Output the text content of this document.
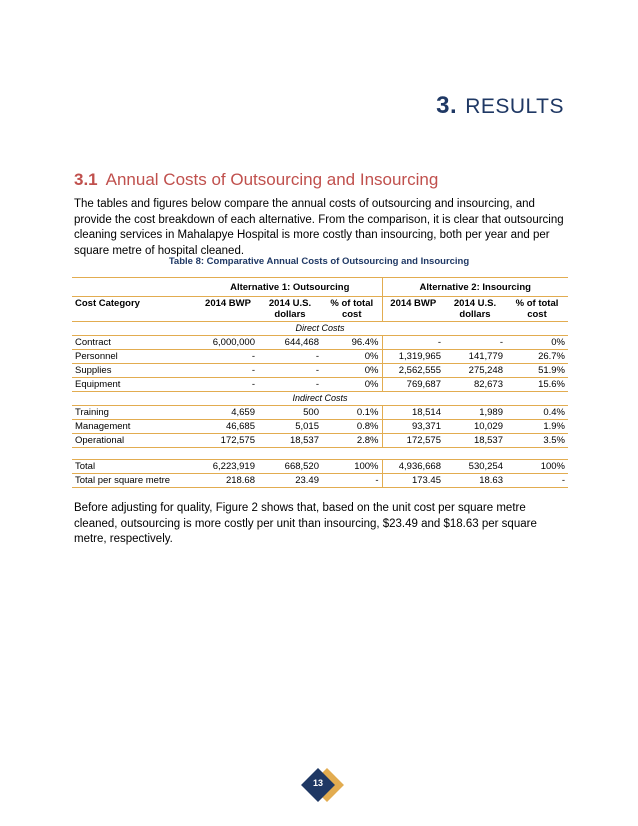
3. RESULTS
3.1 Annual Costs of Outsourcing and Insourcing
The tables and figures below compare the annual costs of outsourcing and insourcing, and provide the cost breakdown of each alternative. From the comparison, it is clear that outsourcing cleaning services in Mahalapye Hospital is more costly than insourcing, both per year and per square metre of hospital cleaned.
Table 8: Comparative Annual Costs of Outsourcing and Insourcing
	Alternative 1: Outsourcing			Alternative 2: Insourcing		
Cost Category	2014 BWP	2014 U.S. dollars	% of total cost	2014 BWP	2014 U.S. dollars	% of total cost
Direct Costs						
Contract	6,000,000	644,468	96.4%	-	-	0%
Personnel	-	-	0%	1,319,965	141,779	26.7%
Supplies	-	-	0%	2,562,555	275,248	51.9%
Equipment	-	-	0%	769,687	82,673	15.6%
Indirect Costs						
Training	4,659	500	0.1%	18,514	1,989	0.4%
Management	46,685	5,015	0.8%	93,371	10,029	1.9%
Operational	172,575	18,537	2.8%	172,575	18,537	3.5%

Total	6,223,919	668,520	100%	4,936,668	530,254	100%
Total per square metre	218.68	23.49	-	173.45	18.63	-
Before adjusting for quality, Figure 2 shows that, based on the unit cost per square metre cleaned, outsourcing is more costly per unit than insourcing, $23.49 and $18.63 per square metre, respectively.
13
